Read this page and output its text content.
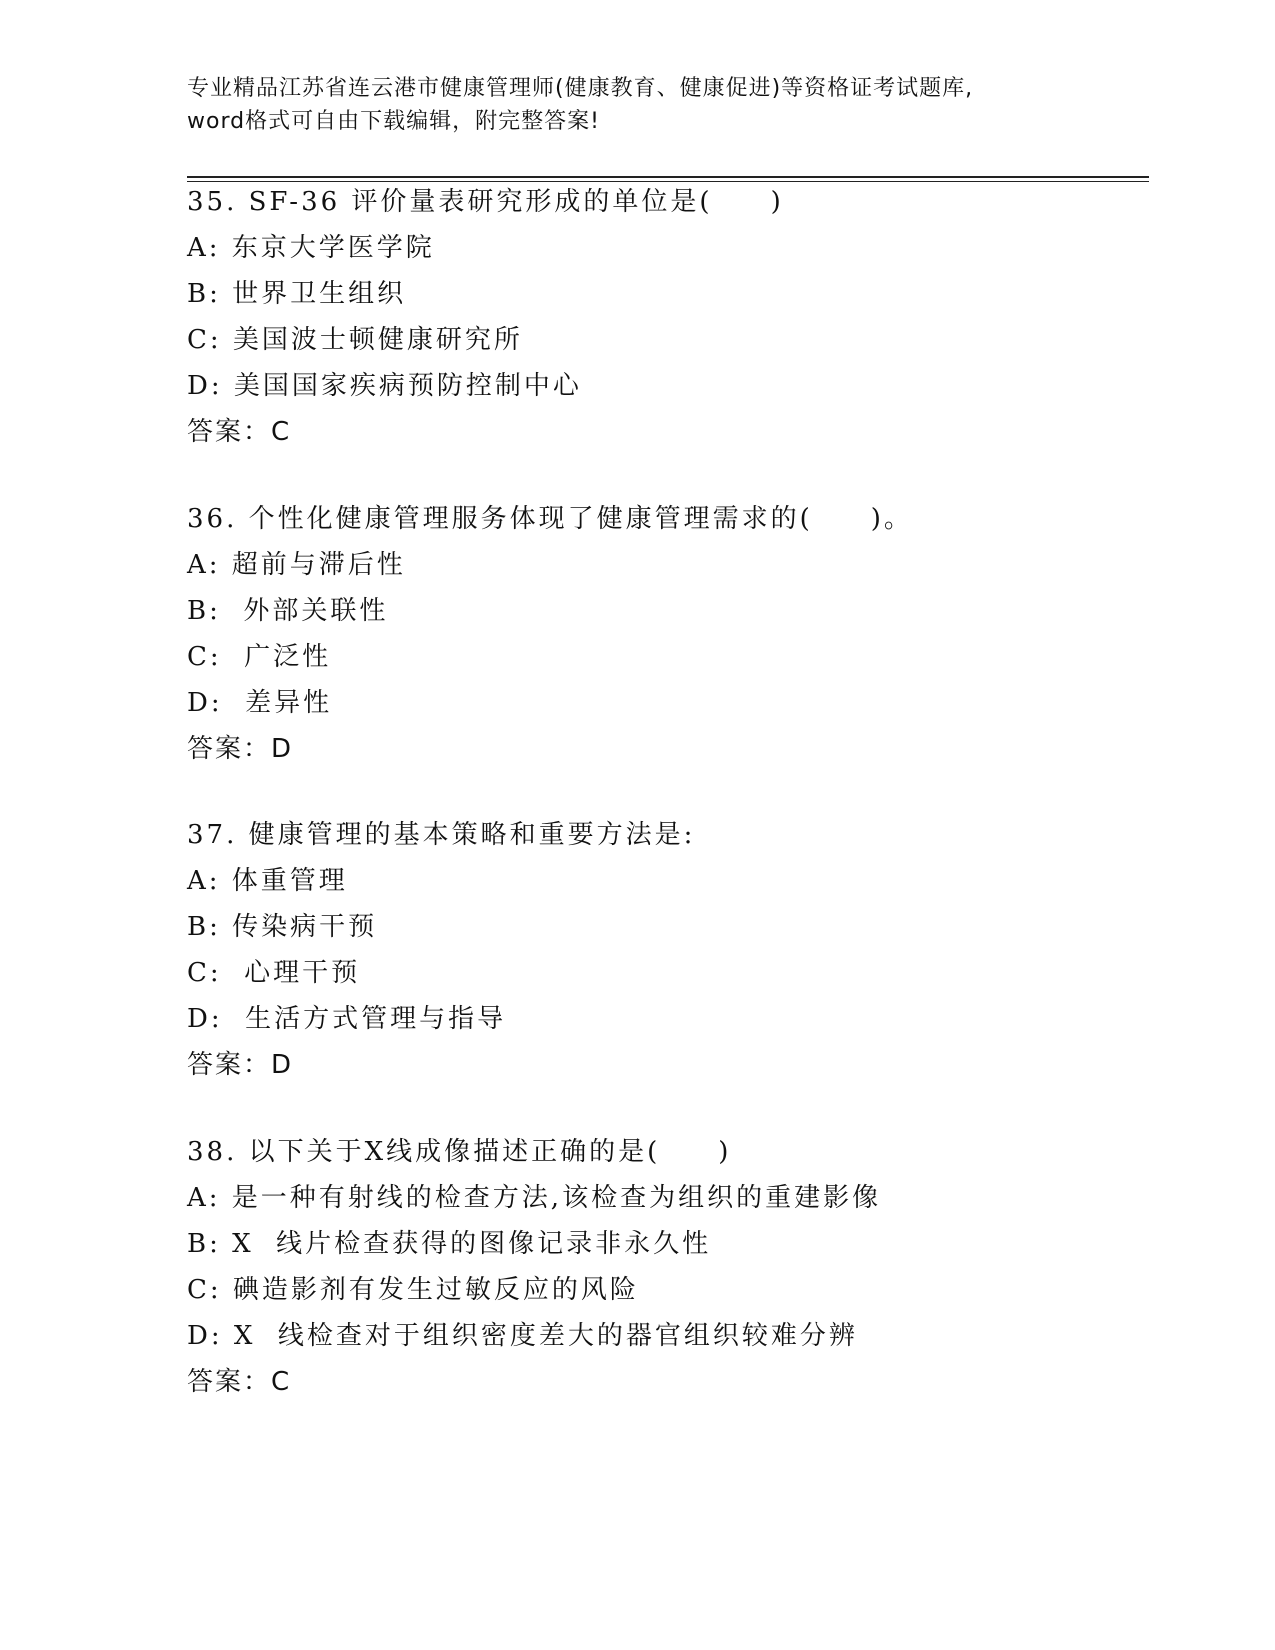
专业精品江苏省连云港市健康管理师(健康教育、健康促进)等资格证考试题库,
word格式可自由下载编辑，附完整答案!
35. SF-36 评价量表研究形成的单位是(　　)
A: 东京大学医学院
B: 世界卫生组织
C: 美国波士顿健康研究所
D: 美国国家疾病预防控制中心
答案：C
36. 个性化健康管理服务体现了健康管理需求的(　　)。
A: 超前与滞后性
B:  外部关联性
C:  广泛性
D:  差异性
答案：D
37. 健康管理的基本策略和重要方法是:
A: 体重管理
B: 传染病干预
C:  心理干预
D:  生活方式管理与指导
答案：D
38. 以下关于X线成像描述正确的是(　　)
A: 是一种有射线的检查方法,该检查为组织的重建影像
B: X  线片检查获得的图像记录非永久性
C: 碘造影剂有发生过敏反应的风险
D: X  线检查对于组织密度差大的器官组织较难分辨
答案：C
